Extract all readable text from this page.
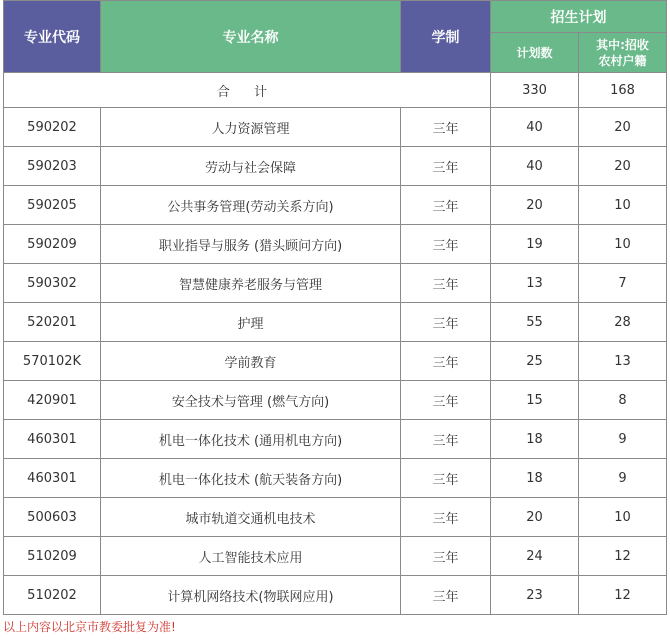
专业代码	专业名称	学制	招生计划	
			计划数	其中:招收
农村户籍
合 计			330	168
590202	人力资源管理	三年	40	20
590203	劳动与社会保障	三年	40	20
590205	公共事务管理(劳动关系方向)	三年	20	10
590209	职业指导与服务 (猎头顾问方向)	三年	19	10
590302	智慧健康养老服务与管理	三年	13	7
520201	护理	三年	55	28
570102K	学前教育	三年	25	13
420901	安全技术与管理 (燃气方向)	三年	15	8
460301	机电一体化技术 (通用机电方向)	三年	18	9
460301	机电一体化技术 (航天装备方向)	三年	18	9
500603	城市轨道交通机电技术	三年	20	10
510209	人工智能技术应用	三年	24	12
510202	计算机网络技术(物联网应用)	三年	23	12
以上内容以北京市教委批复为准!
